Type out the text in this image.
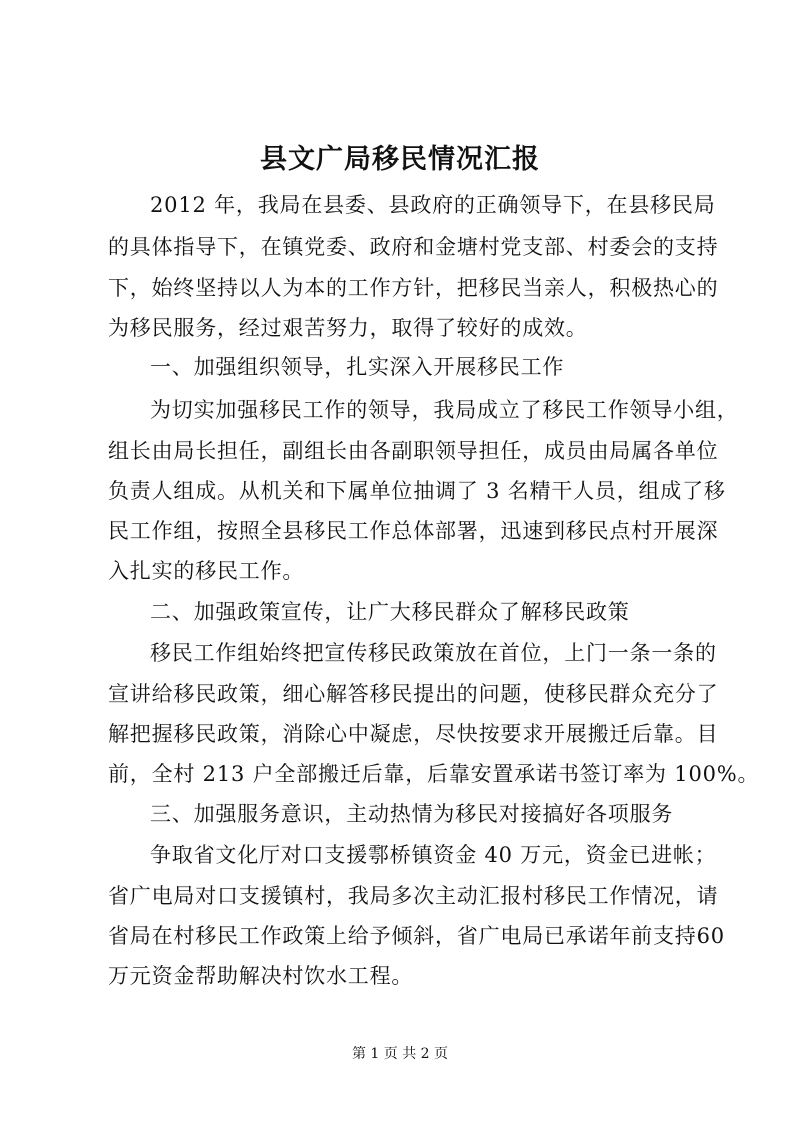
县文广局移民情况汇报
2012 年，我局在县委、县政府的正确领导下，在县移民局
的具体指导下，在镇党委、政府和金塘村党支部、村委会的支持
下，始终坚持以人为本的工作方针，把移民当亲人，积极热心的
为移民服务，经过艰苦努力，取得了较好的成效。
一、加强组织领导，扎实深入开展移民工作
为切实加强移民工作的领导，我局成立了移民工作领导小组，
组长由局长担任，副组长由各副职领导担任，成员由局属各单位
负责人组成。从机关和下属单位抽调了 3 名精干人员，组成了移
民工作组，按照全县移民工作总体部署，迅速到移民点村开展深
入扎实的移民工作。
二、加强政策宣传，让广大移民群众了解移民政策
移民工作组始终把宣传移民政策放在首位，上门一条一条的
宣讲给移民政策，细心解答移民提出的问题，使移民群众充分了
解把握移民政策，消除心中凝虑，尽快按要求开展搬迁后靠。目
前，全村 213 户全部搬迁后靠，后靠安置承诺书签订率为 100%。
三、加强服务意识，主动热情为移民对接搞好各项服务
争取省文化厅对口支援鄠桥镇资金 40 万元，资金已进帐；
省广电局对口支援镇村，我局多次主动汇报村移民工作情况，请
省局在村移民工作政策上给予倾斜，省广电局已承诺年前支持60
万元资金帮助解决村饮水工程。
第 1 页 共 2 页
